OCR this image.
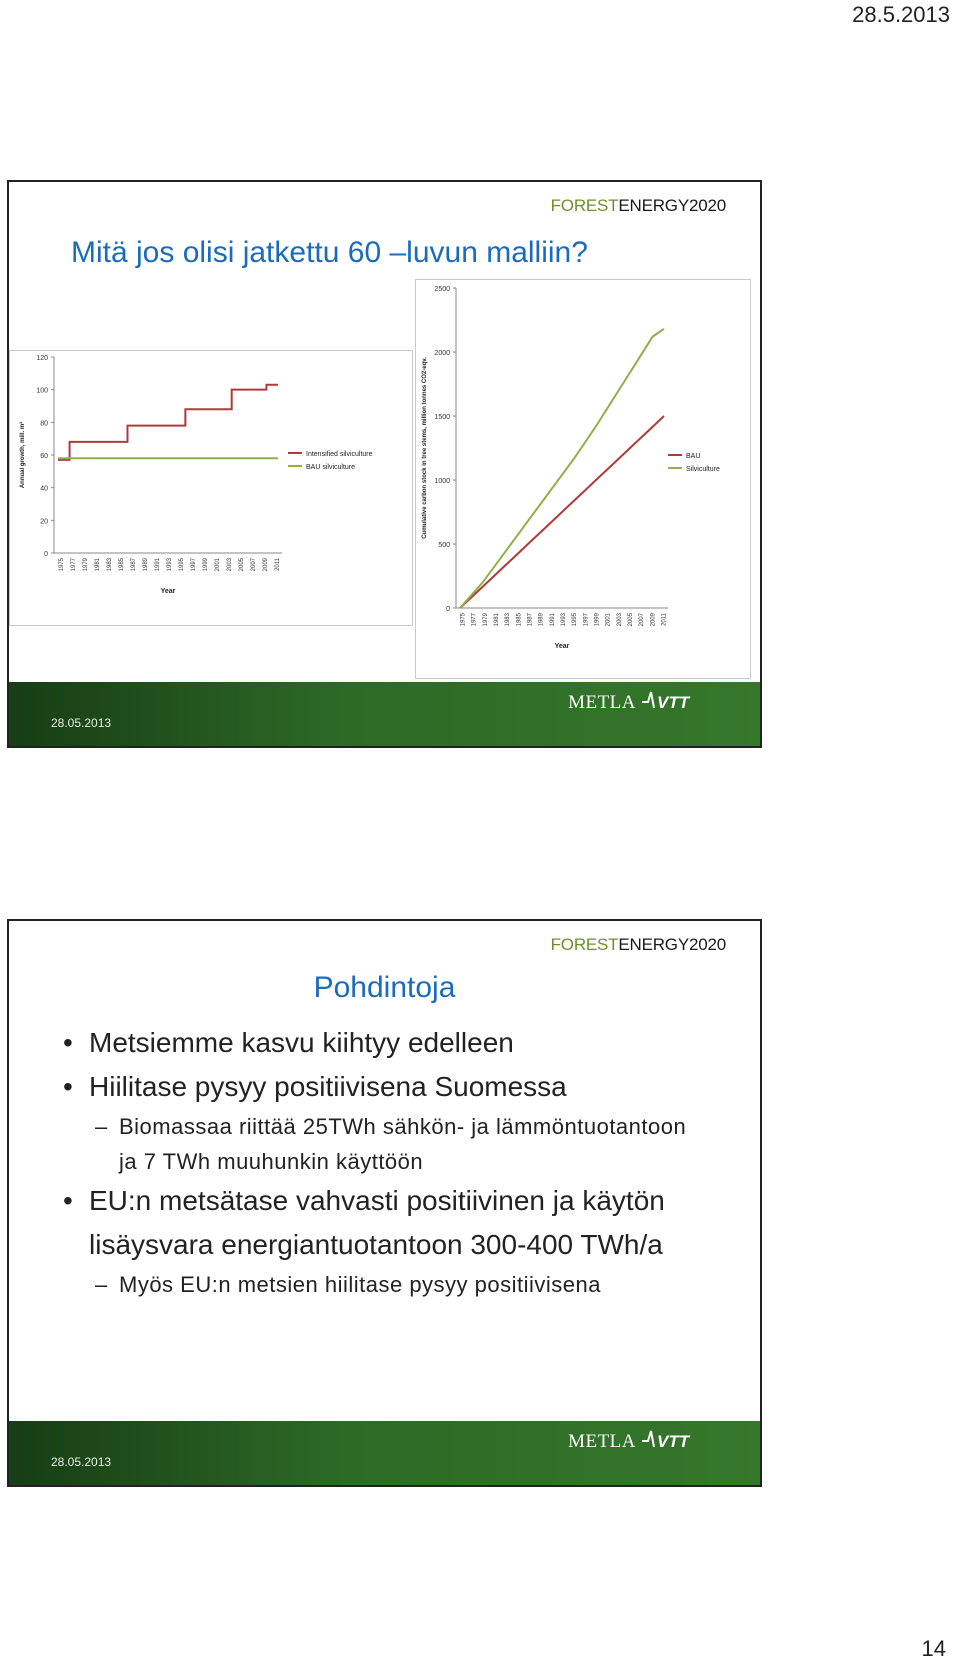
28.5.2013
FORESTENERGY2020
Mitä jos olisi jatkettu 60 –luvun malliin?
0
20
40
60
80
100
120
1975 1977 1979 1981 1983 1985 1987 1989 1991 1993 1995 1997 1999 2001 2003 2005 2007 2009 2011
Year
Annual growth, mill. m³	Intensified silviculture
BAU silviculture
0
500
1000
1500
2000
2500
1975 1977 1979 1981 1983 1985 1987 1989 1991 1993 1995 1997 1999 2001 2003 2005 2007 2009 2011
Year
Cumulative carbon stock in tree stems, million tonnes CO2-eqv.	BAU
Silviculture
28.05.2013
METLA VTT
FORESTENERGY2020
Pohdintoja
• Metsiemme kasvu kiihtyy edelleen
• Hiilitase pysyy positiivisena Suomessa
– Biomassaa riittää 25TWh sähkön- ja lämmöntuotantoon ja 7 TWh muuhunkin käyttöön
• EU:n metsätase vahvasti positiivinen ja käytön lisäysvara energiantuotantoon 300-400 TWh/a
– Myös EU:n metsien hiilitase pysyy positiivisena
28.05.2013
METLA VTT
14
